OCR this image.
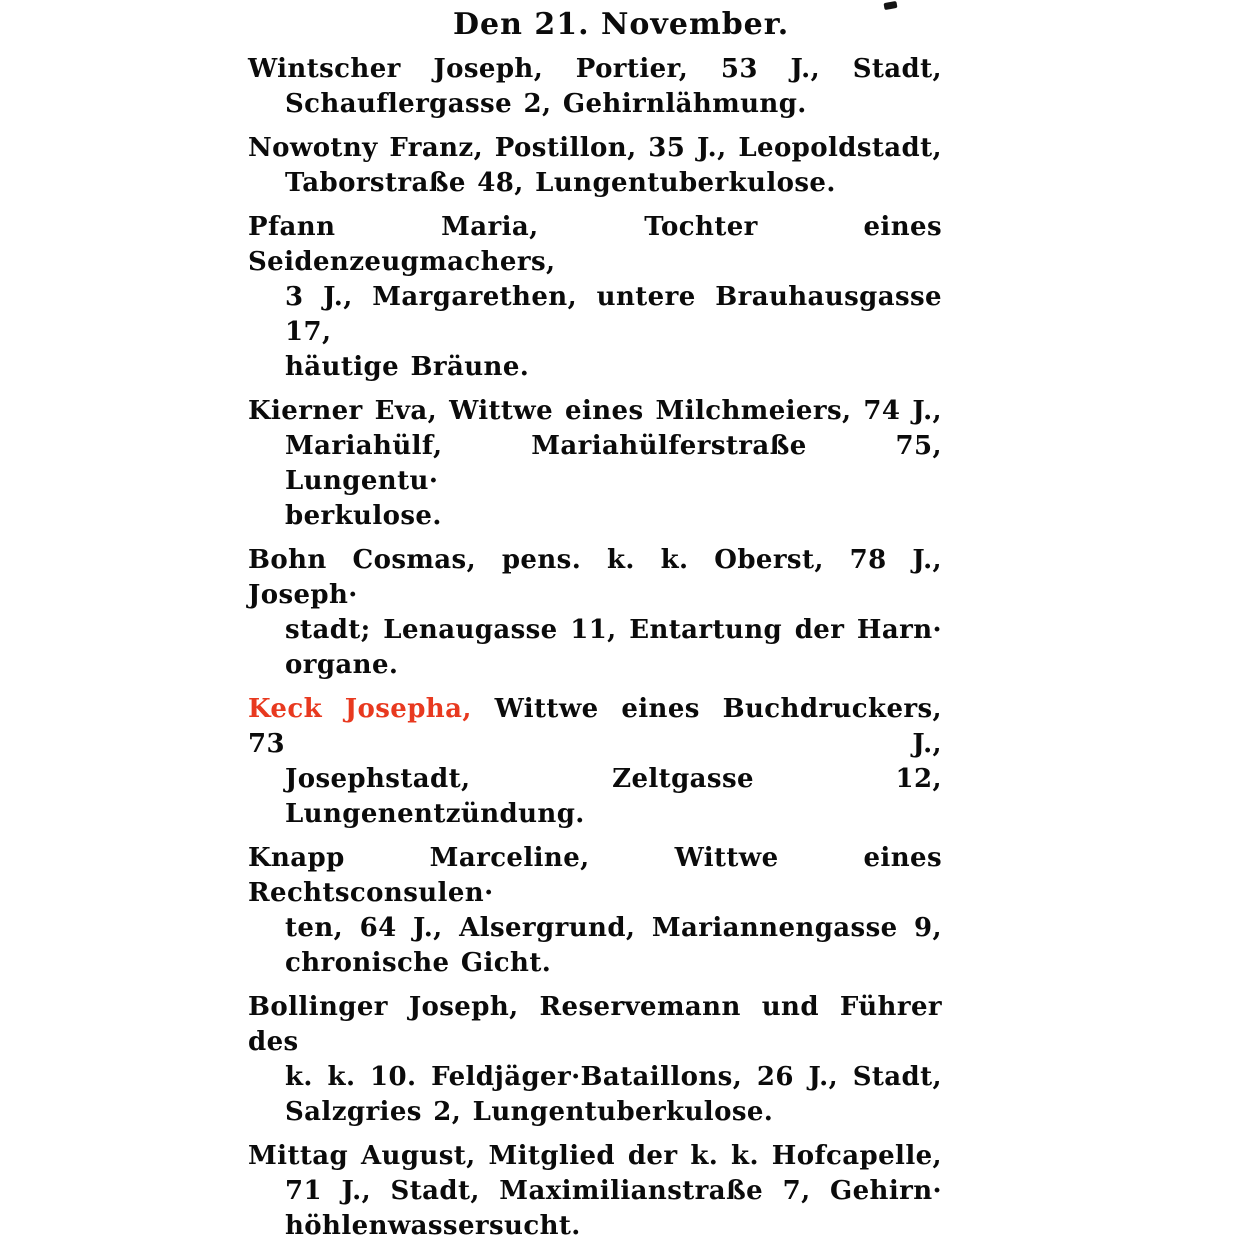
Den 21. November.
Wintscher Joseph, Portier, 53 J., Stadt,
Schauflergasse 2, Gehirnlähmung.
Nowotny Franz, Postillon, 35 J., Leopoldstadt,
Taborstraße 48, Lungentuberkulose.
Pfann Maria, Tochter eines Seidenzeugmachers,
3 J., Margarethen, untere Brauhausgasse 17,
häutige Bräune.
Kierner Eva, Wittwe eines Milchmeiers, 74 J.,
Mariahülf, Mariahülferstraße 75, Lungentu·
berkulose.
Bohn Cosmas, pens. k. k. Oberst, 78 J., Joseph·
stadt; Lenaugasse 11, Entartung der Harn·
organe.
Keck Josepha, Wittwe eines Buchdruckers, 73 J.,
Josephstadt, Zeltgasse 12, Lungenentzündung.
Knapp Marceline, Wittwe eines Rechtsconsulen·
ten, 64 J., Alsergrund, Mariannengasse 9,
chronische Gicht.
Bollinger Joseph, Reservemann und Führer des
k. k. 10. Feldjäger·Bataillons, 26 J., Stadt,
Salzgries 2, Lungentuberkulose.
Mittag August, Mitglied der k. k. Hofcapelle,
71 J., Stadt, Maximilianstraße 7, Gehirn·
höhlenwassersucht.
